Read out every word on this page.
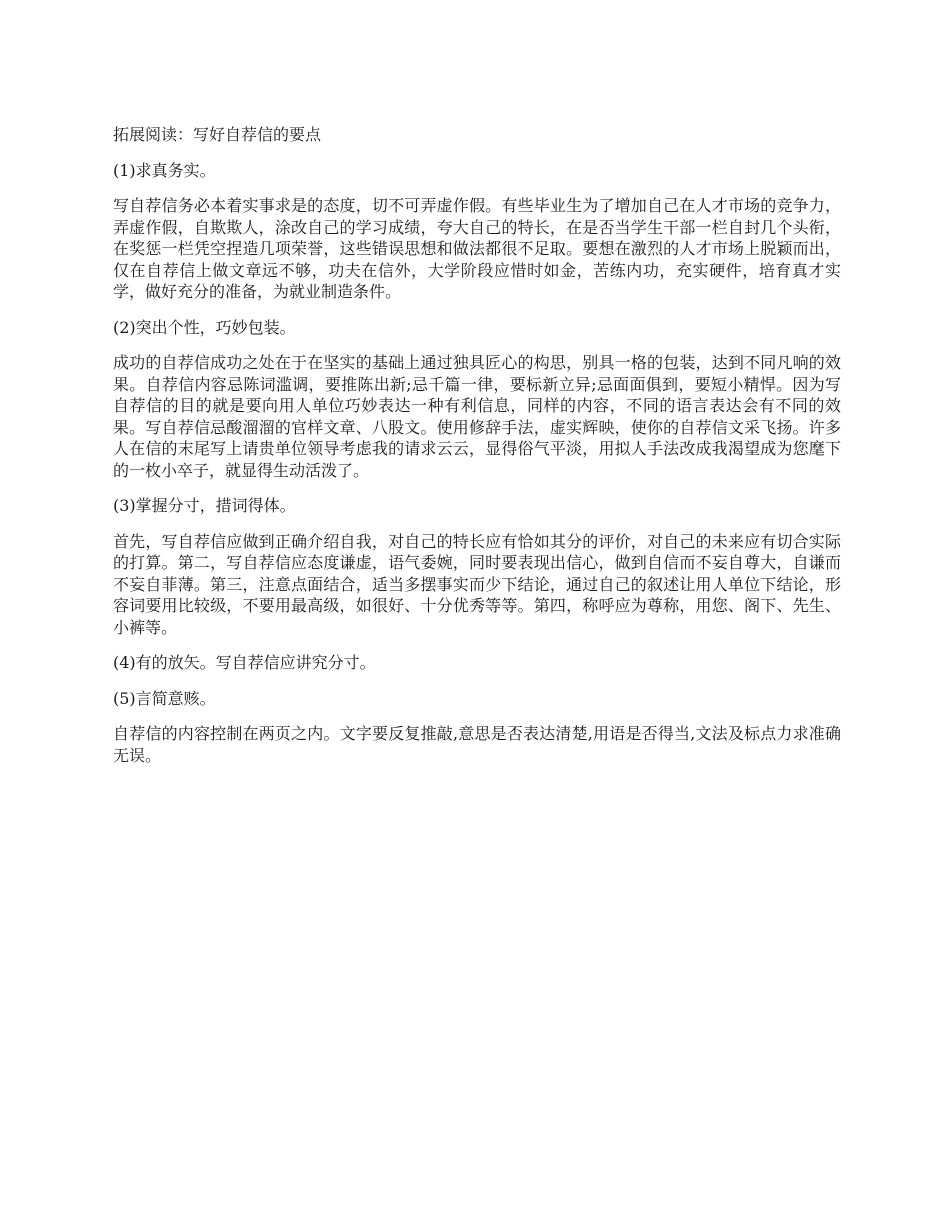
拓展阅读：写好自荐信的要点

(1)求真务实。

写自荐信务必本着实事求是的态度，切不可弄虚作假。有些毕业生为了增加自己在人才市场的竞争力，弄虚作假，自欺欺人，涂改自己的学习成绩，夸大自己的特长，在是否当学生干部一栏自封几个头衔，在奖惩一栏凭空捏造几项荣誉，这些错误思想和做法都很不足取。要想在激烈的人才市场上脱颖而出，仅在自荐信上做文章远不够，功夫在信外，大学阶段应惜时如金，苦练内功，充实硬件，培育真才实学，做好充分的准备，为就业制造条件。

(2)突出个性，巧妙包装。

成功的自荐信成功之处在于在坚实的基础上通过独具匠心的构思，别具一格的包装，达到不同凡响的效果。自荐信内容忌陈词滥调，要推陈出新;忌千篇一律，要标新立异;忌面面俱到，要短小精悍。因为写自荐信的目的就是要向用人单位巧妙表达一种有利信息，同样的内容，不同的语言表达会有不同的效果。写自荐信忌酸溜溜的官样文章、八股文。使用修辞手法，虚实辉映，使你的自荐信文采飞扬。许多人在信的末尾写上请贵单位领导考虑我的请求云云，显得俗气平淡，用拟人手法改成我渴望成为您麾下的一枚小卒子，就显得生动活泼了。

(3)掌握分寸，措词得体。

首先，写自荐信应做到正确介绍自我，对自己的特长应有恰如其分的评价，对自己的未来应有切合实际的打算。第二，写自荐信应态度谦虚，语气委婉，同时要表现出信心，做到自信而不妄自尊大，自谦而不妄自菲薄。第三，注意点面结合，适当多摆事实而少下结论，通过自己的叙述让用人单位下结论，形容词要用比较级，不要用最高级，如很好、十分优秀等等。第四，称呼应为尊称，用您、阁下、先生、小裤等。

(4)有的放矢。写自荐信应讲究分寸。

(5)言简意赅。

自荐信的内容控制在两页之内。文字要反复推敲,意思是否表达清楚,用语是否得当,文法及标点力求准确无误。
